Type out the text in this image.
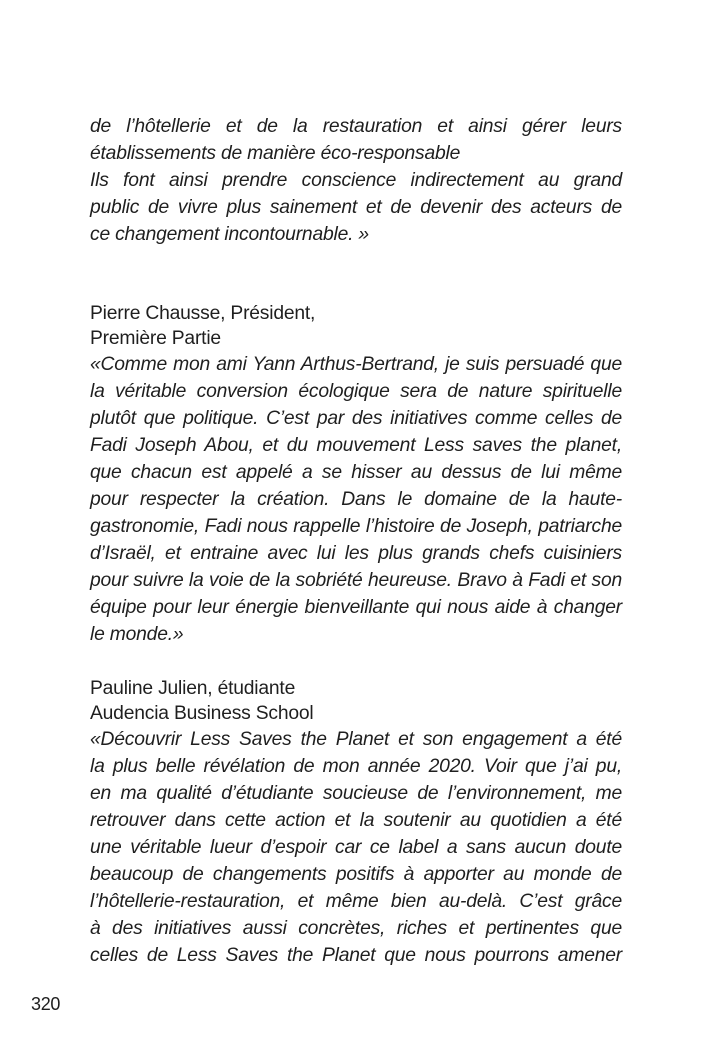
de l’hôtellerie et de la restauration et ainsi gérer leurs
établissements de manière éco-responsable
Ils font ainsi prendre conscience indirectement au grand
public de vivre plus sainement et de devenir des acteurs de
ce changement incontournable. »
Pierre Chausse, Président,
Première Partie
«Comme mon ami Yann Arthus-Bertrand, je suis persuadé que
la véritable conversion écologique sera de nature spirituelle
plutôt que politique. C’est par des initiatives comme celles de
Fadi Joseph Abou, et du mouvement Less saves the planet,
que chacun est appelé a se hisser au dessus de lui même
pour respecter la création. Dans le domaine de la haute-
gastronomie, Fadi nous rappelle l’histoire de Joseph, patriarche
d’Israël, et entraine avec lui les plus grands chefs cuisiniers
pour suivre la voie de la sobriété heureuse. Bravo à Fadi et son
équipe pour leur énergie bienveillante qui nous aide à changer
le monde.»
Pauline Julien, étudiante
Audencia Business School
«Découvrir Less Saves the Planet et son engagement a été
la plus belle révélation de mon année 2020. Voir que j’ai pu,
en ma qualité d’étudiante soucieuse de l’environnement, me
retrouver dans cette action et la soutenir au quotidien a été
une véritable lueur d’espoir car ce label a sans aucun doute
beaucoup de changements positifs à apporter au monde de
l’hôtellerie-restauration, et même bien au-delà. C’est grâce
à des initiatives aussi concrètes, riches et pertinentes que
celles de Less Saves the Planet que nous pourrons amener
320
